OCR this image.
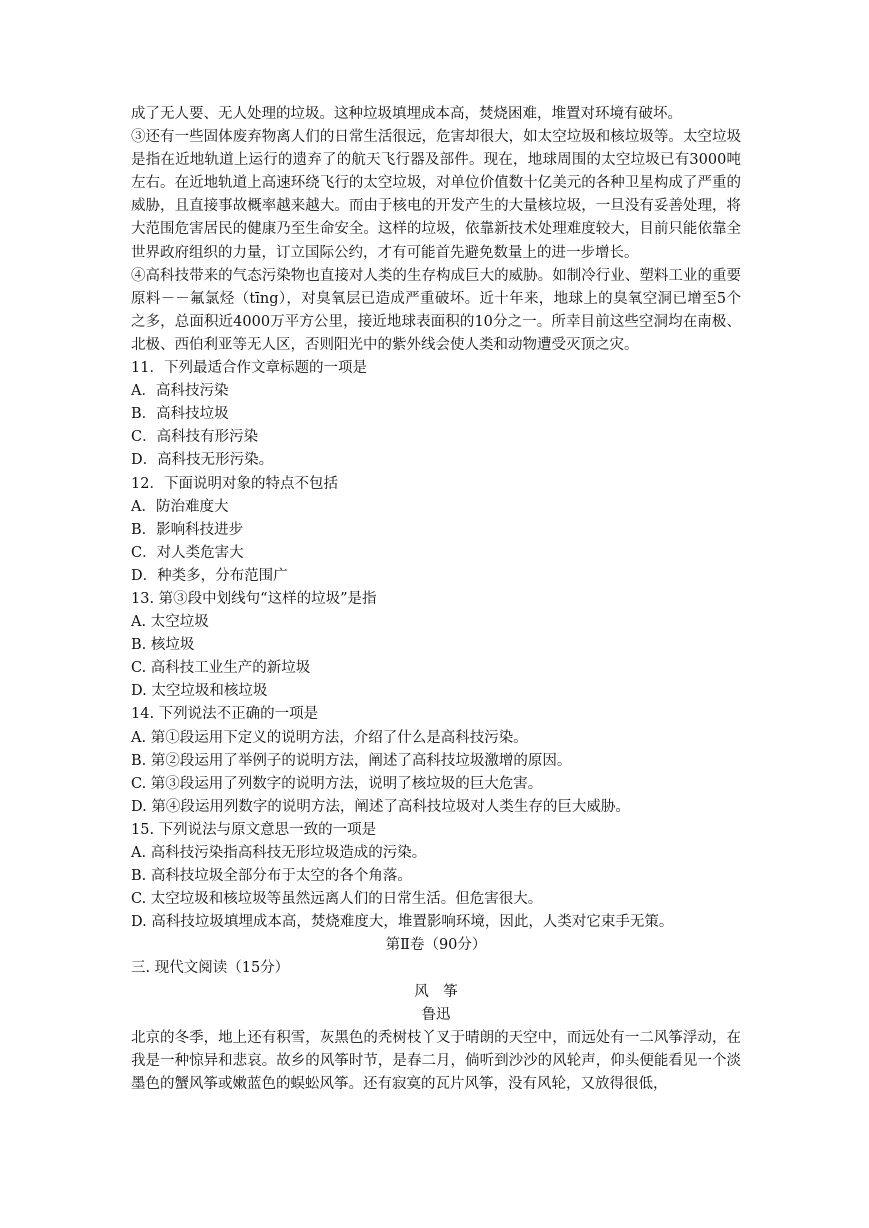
成了无人要、无人处理的垃圾。这种垃圾填埋成本高，焚烧困难，堆置对环境有破坏。
③还有一些固体废弃物离人们的日常生活很远，危害却很大，如太空垃圾和核垃圾等。太空垃圾是指在近地轨道上运行的遗弃了的航天飞行器及部件。现在，地球周围的太空垃圾已有3000吨左右。在近地轨道上高速环绕飞行的太空垃圾，对单位价值数十亿美元的各种卫星构成了严重的威胁，且直接事故概率越来越大。而由于核电的开发产生的大量核垃圾，一旦没有妥善处理，将大范围危害居民的健康乃至生命安全。这样的垃圾，依靠新技术处理难度较大，目前只能依靠全世界政府组织的力量，订立国际公约，才有可能首先避免数量上的进一步增长。
④高科技带来的气态污染物也直接对人类的生存构成巨大的威胁。如制冷行业、塑料工业的重要原料－－氟氯烃（tīng），对臭氧层已造成严重破坏。近十年来，地球上的臭氧空洞已增至5个之多，总面积近4000万平方公里，接近地球表面积的10分之一。所幸目前这些空洞均在南极、北极、西伯利亚等无人区，否则阳光中的紫外线会使人类和动物遭受灭顶之灾。
11．下列最适合作文章标题的一项是
A．高科技污染
B．高科技垃圾
C．高科技有形污染
D．高科技无形污染。
12．下面说明对象的特点不包括
A．防治难度大
B．影响科技进步
C．对人类危害大
D．种类多，分布范围广
13. 第③段中划线句“这样的垃圾”是指
A. 太空垃圾
B. 核垃圾
C. 高科技工业生产的新垃圾
D. 太空垃圾和核垃圾
14. 下列说法不正确的一项是
A. 第①段运用下定义的说明方法，介绍了什么是高科技污染。
B. 第②段运用了举例子的说明方法，阐述了高科技垃圾激增的原因。
C. 第③段运用了列数字的说明方法，说明了核垃圾的巨大危害。
D. 第④段运用列数字的说明方法，阐述了高科技垃圾对人类生存的巨大威胁。
15. 下列说法与原文意思一致的一项是
A. 高科技污染指高科技无形垃圾造成的污染。
B. 高科技垃圾全部分布于太空的各个角落。
C. 太空垃圾和核垃圾等虽然远离人们的日常生活。但危害很大。
D. 高科技垃圾填埋成本高，焚烧难度大，堆置影响环境，因此，人类对它束手无策。
第Ⅱ卷（90分）
三. 现代文阅读（15分）
风　筝
鲁迅
北京的冬季，地上还有积雪，灰黑色的秃树枝丫叉于晴朗的天空中，而远处有一二风筝浮动，在我是一种惊异和悲哀。故乡的风筝时节，是春二月，倘听到沙沙的风轮声，仰头便能看见一个淡墨色的蟹风筝或嫩蓝色的蜈蚣风筝。还有寂寞的瓦片风筝，没有风轮，又放得很低，
